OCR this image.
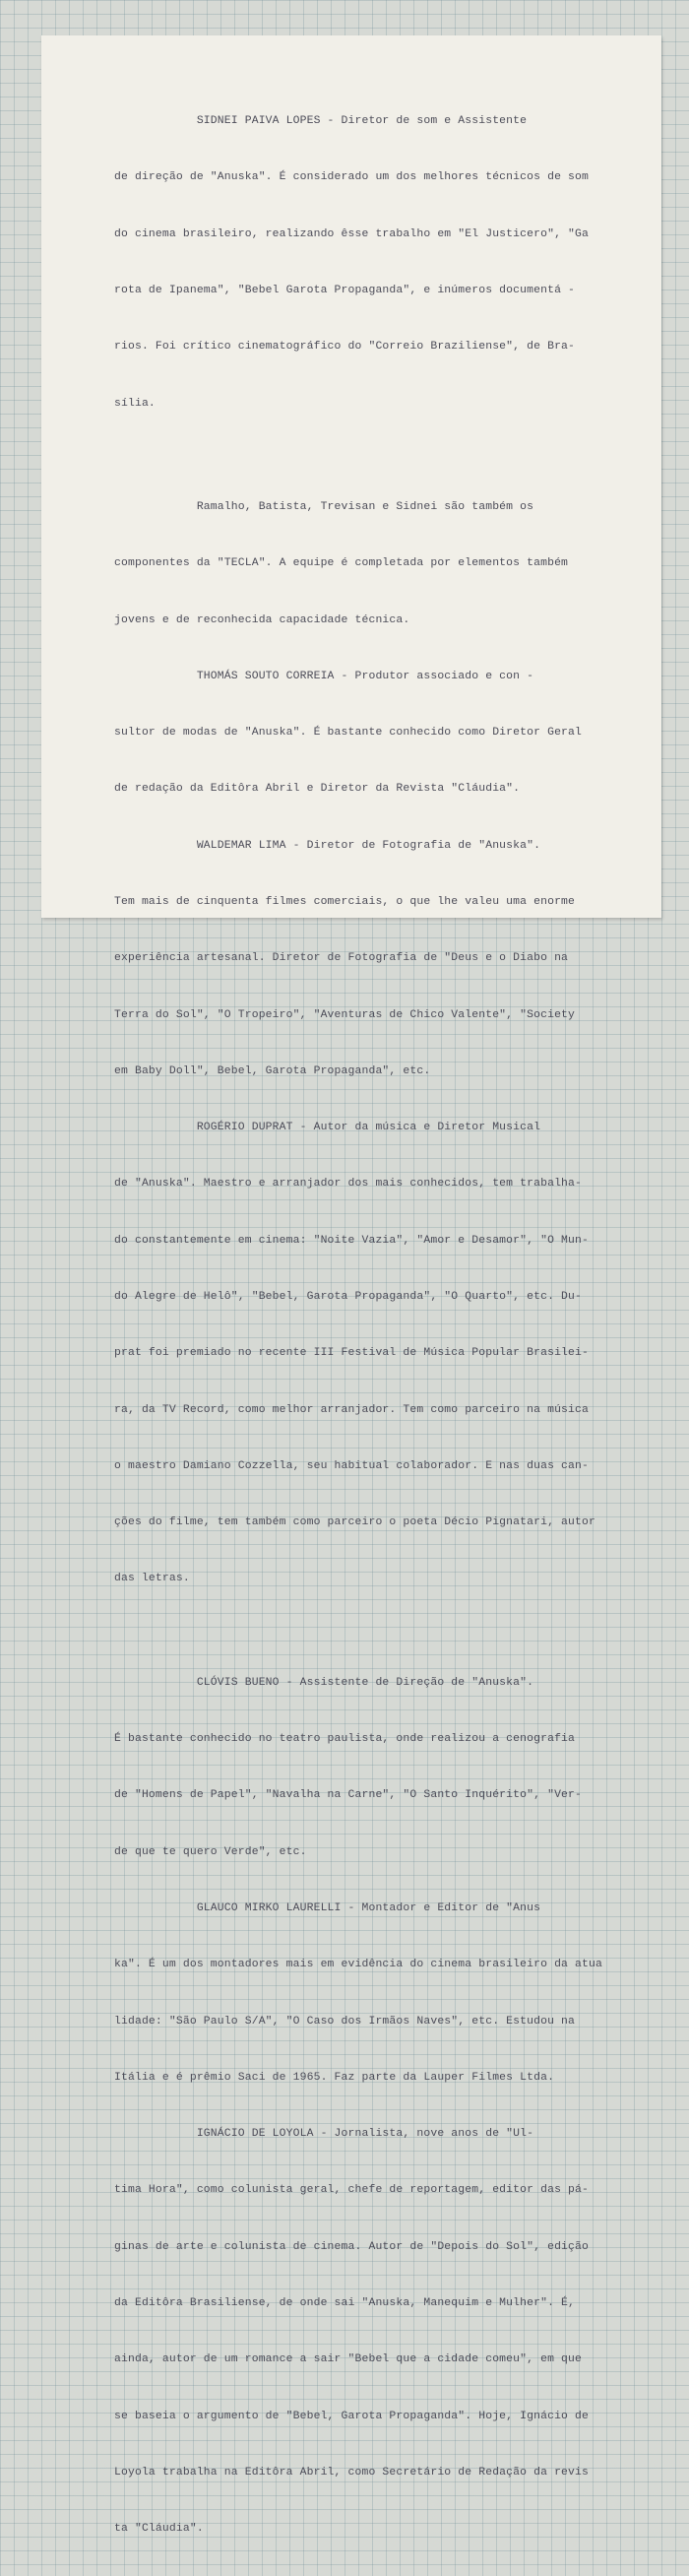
SIDNEI PAIVA LOPES - Diretor de som e Assistente

de direção de "Anuska". É considerado um dos melhores técnicos de som

do cinema brasileiro, realizando êsse trabalho em "El Justicero", "Ga

rota de Ipanema", "Bebel Garota Propaganda", e inúmeros documentá -

rios. Foi crítico cinematográfico do "Correio Braziliense", de Bra-

sília.

Ramalho, Batista, Trevisan e Sidnei são também os

componentes da "TECLA". A equipe é completada por elementos também

jovens e de reconhecida capacidade técnica.

THOMÁS SOUTO CORREIA - Produtor associado e con -

sultor de modas de "Anuska". É bastante conhecido como Diretor Geral

de redação da Editôra Abril e Diretor da Revista "Cláudia".

WALDEMAR LIMA - Diretor de Fotografia de "Anuska".

Tem mais de cinquenta filmes comerciais, o que lhe valeu uma enorme

experiência artesanal. Diretor de Fotografia de "Deus e o Diabo na

Terra do Sol", "O Tropeiro", "Aventuras de Chico Valente", "Society

em Baby Doll", Bebel, Garota Propaganda", etc.

ROGÉRIO DUPRAT - Autor da música e Diretor Musical

de "Anuska". Maestro e arranjador dos mais conhecidos, tem trabalha-

do constantemente em cinema: "Noite Vazia", "Amor e Desamor", "O Mun-

do Alegre de Helô", "Bebel, Garota Propaganda", "O Quarto", etc. Du-

prat foi premiado no recente III Festival de Música Popular Brasilei-

ra, da TV Record, como melhor arranjador. Tem como parceiro na música

o maestro Damiano Cozzella, seu habitual colaborador. E nas duas can-

ções do filme, tem também como parceiro o poeta Décio Pignatari, autor

das letras.

CLÓVIS BUENO - Assistente de Direção de "Anuska".

É bastante conhecido no teatro paulista, onde realizou a cenografia

de "Homens de Papel", "Navalha na Carne", "O Santo Inquérito", "Ver-

de que te quero Verde", etc.

GLAUCO MIRKO LAURELLI - Montador e Editor de "Anus

ka". É um dos montadores mais em evidência do cinema brasileiro da atua

lidade: "São Paulo S/A", "O Caso dos Irmãos Naves", etc. Estudou na

Itália e é prêmio Saci de 1965. Faz parte da Lauper Filmes Ltda.

IGNÁCIO DE LOYOLA - Jornalista, nove anos de "Ul-

tima Hora", como colunista geral, chefe de reportagem, editor das pá-

ginas de arte e colunista de cinema. Autor de "Depois do Sol", edição

da Editôra Brasiliense, de onde sai "Anuska, Manequim e Mulher". É,

ainda, autor de um romance a sair "Bebel que a cidade comeu", em que

se baseia o argumento de "Bebel, Garota Propaganda". Hoje, Ignácio de

Loyola trabalha na Editôra Abril, como Secretário de Redação da revis

ta "Cláudia".
